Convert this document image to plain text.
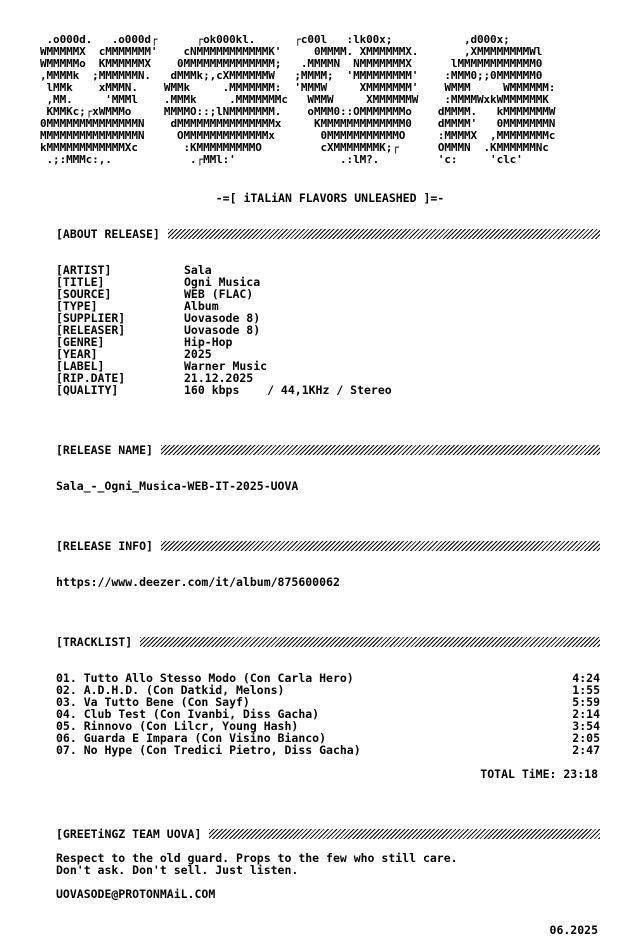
.o000d.   .o000d┌      ┌ok000kl.      ┌c00l   :lk00x;           ,d000x;
WMMMMMX  cMMMMMMM'    cNMMMMMMMMMMMK'     0MMMM. XMMMMMMX.       ,XMMMMMMMMWl
WMMMMMo  KMMMMMMX    0MMMMMMMMMMMMMM;   .MMMMN  NMMMMMMMX      lMMMMMMMMMMMM0
,MMMMk  ;MMMMMMN.   dMMMk;,cXMMMMMMW   ;MMMM;  'MMMMMMMMM'    :MMM0;;0MMMMMM0
lMMk    xMMMN.    WMMk     .MMMMMMM:  'MMMW     XMMMMMMM'    WMMM     WMMMMMM:
,MM.     'MMMl    .MMMk     .MMMMMMMc   WMMW     XMMMMMMW    :MMMMWxkWMMMMMMK
KMMKc;┌xWMMMo     MMMMO::;lNMMMMMMM.    oMMM0::OMMMMMMMo    dMMMM.   kMMMMMMMW
0MMMMMMMMMMMMMMN    dMMMMMMMMMMMMMMMx     KMMMMMMMMMMMMM0    dMMMM'   0MMMMMMMN
MMMMMMMMMMMMMMMN     OMMMMMMMMMMMMMx       0MMMMMMMMMMMO     :MMMMX  ,MMMMMMMMc
kMMMMMMMMMMMMXc       :KMMMMMMMMMO         cXMMMMMMMK;┌      OMMMN  .KMMMMMMNc
.;:MMMc:,.            .┌MMl:'                .:lM?.         'c:     'clc'
-=[ iTALiAN FLAVORS UNLEASHED ]=-
[ABOUT RELEASE]
[ARTIST]	Sala
[TITLE]	Ogni Musica
[SOURCE]	WEB (FLAC)
[TYPE]	Album
[SUPPLIER]	Uovasode 8)
[RELEASER]	Uovasode 8)
[GENRE]	Hip-Hop
[YEAR]	2025
[LABEL]	Warner Music
[RIP.DATE]	21.12.2025
[QUALITY]	160 kbps    / 44,1KHz / Stereo
[RELEASE NAME]
Sala_-_Ogni_Musica-WEB-IT-2025-UOVA
[RELEASE INFO]
https://www.deezer.com/it/album/875600062
[TRACKLIST]
01. Tutto Allo Stesso Modo (Con Carla Hero)	4:24
02. A.D.H.D. (Con Datkid, Melons)	1:55
03. Va Tutto Bene (Con Sayf)	5:59
04. Club Test (Con Ivanbi, Diss Gacha)	2:14
05. Rinnovo (Con Lilcr, Young Hash)	3:54
06. Guarda E Impara (Con Visino Bianco)	2:05
07. No Hype (Con Tredici Pietro, Diss Gacha)	2:47
TOTAL TiME: 23:18
[GREETiNGZ TEAM UOVA]
Respect to the old guard. Props to the few who still care.
Don't ask. Don't sell. Just listen.
UOVASODE@PROTONMAiL.COM
06.2025
